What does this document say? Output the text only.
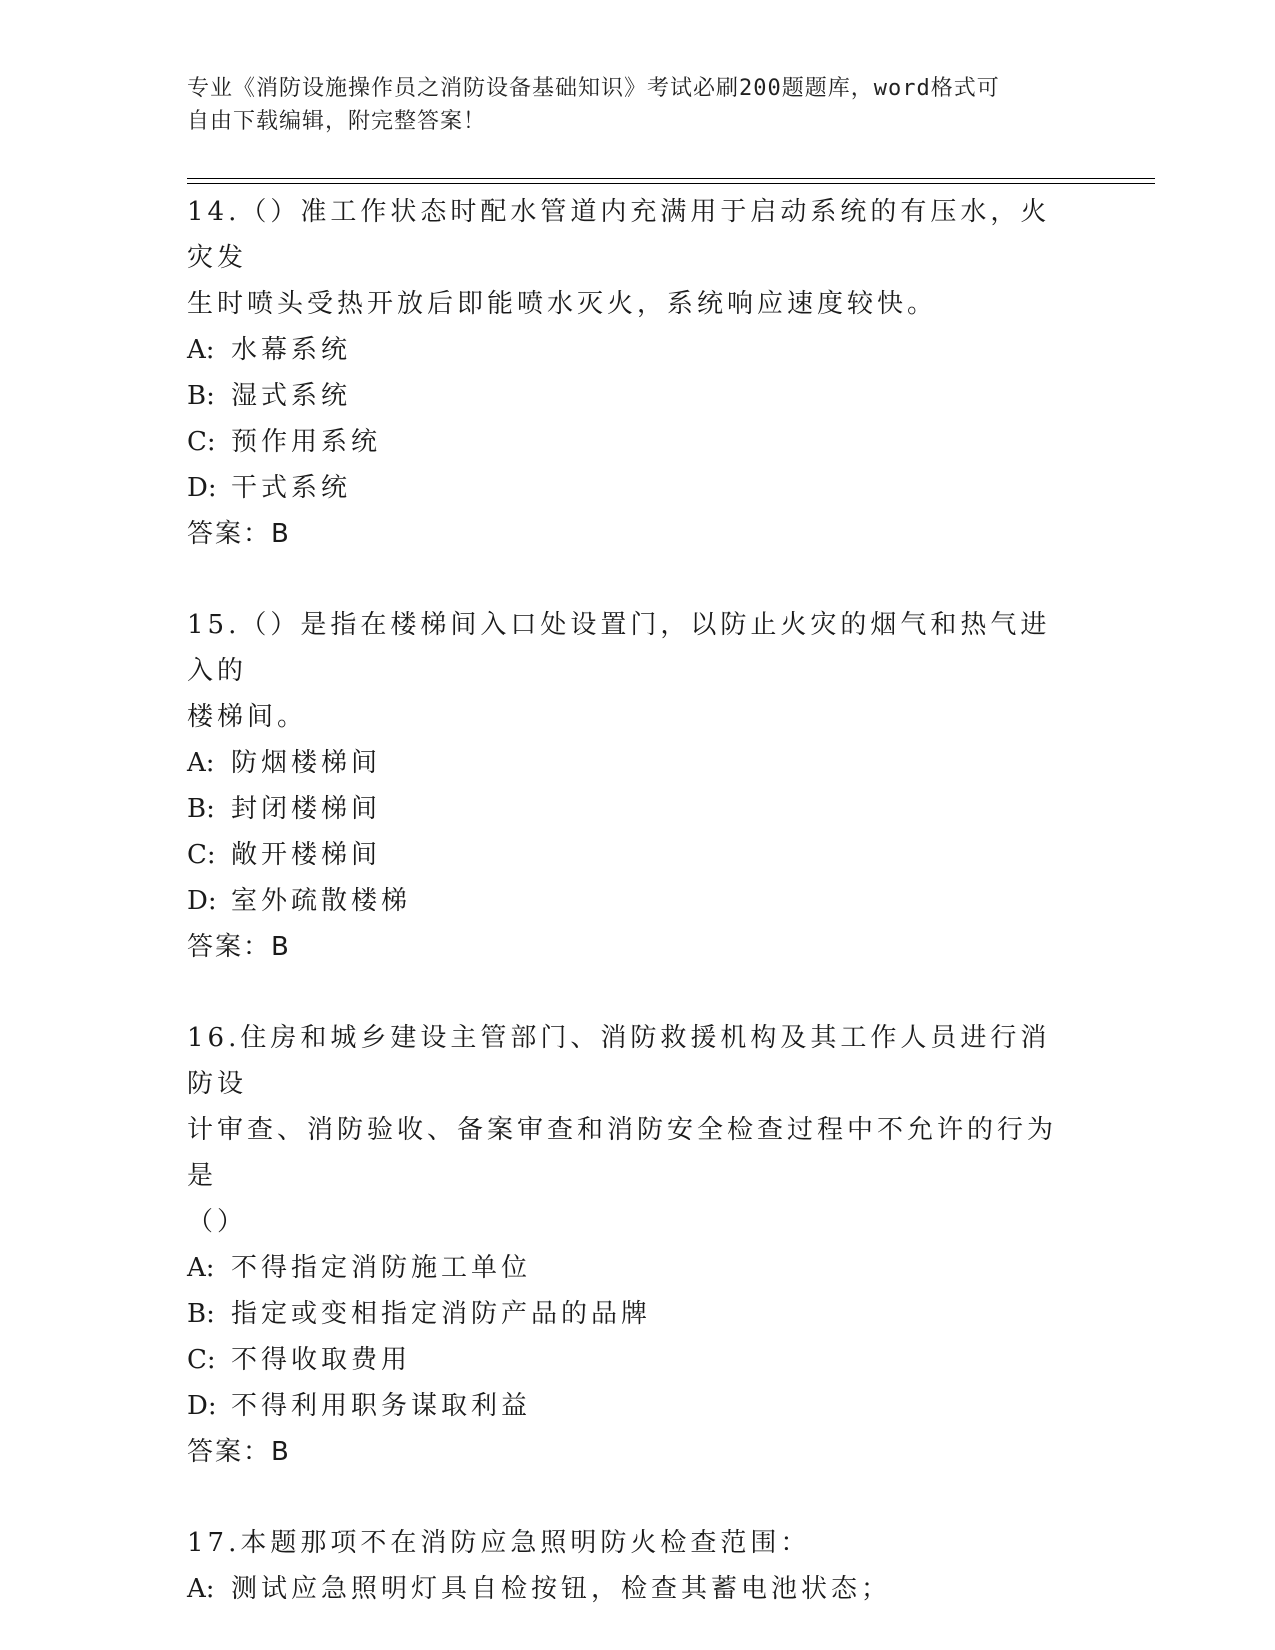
专业《消防设施操作员之消防设备基础知识》考试必刷200题题库，word格式可
自由下载编辑，附完整答案！

14.（）准工作状态时配水管道内充满用于启动系统的有压水，火灾发

生时喷头受热开放后即能喷水灭火，系统响应速度较快。

A: 水幕系统

B: 湿式系统

C: 预作用系统

D: 干式系统

答案：B

15.（）是指在楼梯间入口处设置门，以防止火灾的烟气和热气进入的

楼梯间。

A: 防烟楼梯间

B: 封闭楼梯间

C: 敞开楼梯间

D: 室外疏散楼梯

答案：B

16.住房和城乡建设主管部门、消防救援机构及其工作人员进行消防设

计审查、消防验收、备案审查和消防安全检查过程中不允许的行为是

（）

A: 不得指定消防施工单位

B: 指定或变相指定消防产品的品牌

C: 不得收取费用

D: 不得利用职务谋取利益

答案：B

17.本题那项不在消防应急照明防火检查范围：

A: 测试应急照明灯具自检按钮，检查其蓄电池状态；
